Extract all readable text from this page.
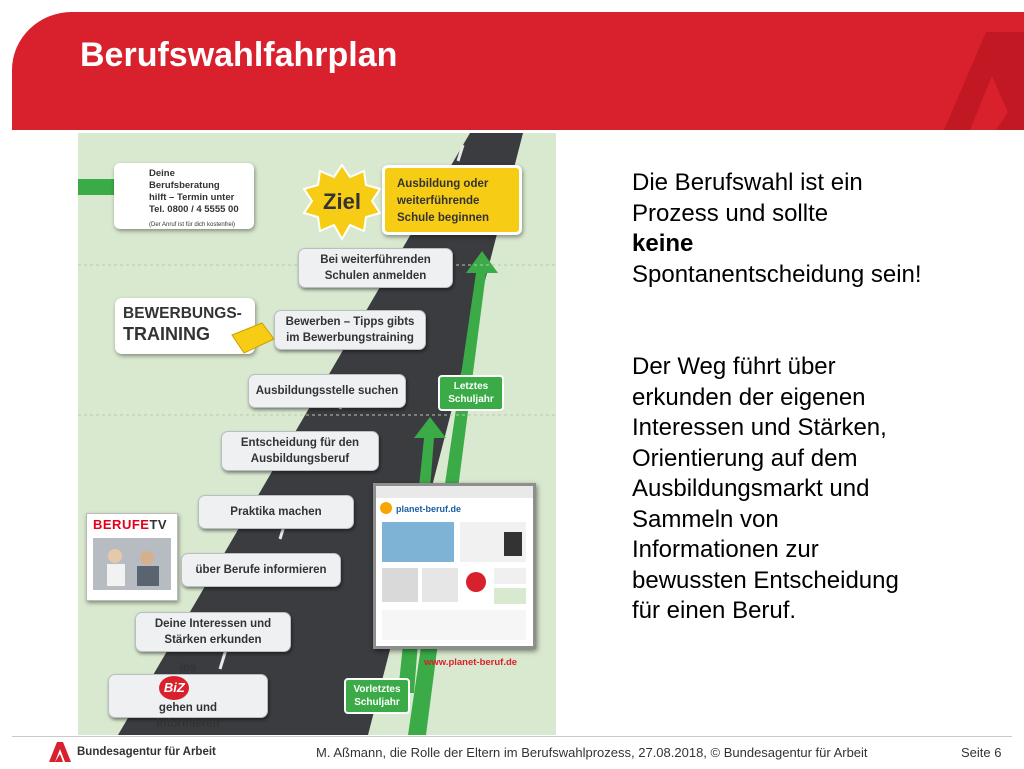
Berufswahlfahrplan
Deine Berufsberatung
hilft – Termin unter
Tel. 0800 / 4 5555 00
(Der Anruf ist für dich kostenfrei)
Ziel
Ausbildung oder
weiterführende
Schule beginnen
Bei weiterführenden
Schulen anmelden
BEWERBUNGS-
TRAINING
Bewerben – Tipps gibts
im Bewerbungstraining
Ausbildungsstelle suchen	Letztes
Schuljahr
Entscheidung für den
Ausbildungsberuf
Praktika machen
BERUFETV
planet-beruf.de
über Berufe informieren
www.planet-beruf.de
Deine Interessen und
Stärken erkunden
ins
BiZ
gehen und
informieren
Vorletztes
Schuljahr

Die Berufswahl ist ein Prozess und sollte
keine Spontanentscheidung sein!

Der Weg führt über erkunden der eigenen Interessen und Stärken, Orientierung auf dem Ausbildungsmarkt und Sammeln von Informationen zur bewussten Entscheidung für einen Beruf.

Bundesagentur für Arbeit	M. Aßmann, die Rolle der Eltern im Berufswahlprozess, 27.08.2018, © Bundesagentur für Arbeit	Seite 6
